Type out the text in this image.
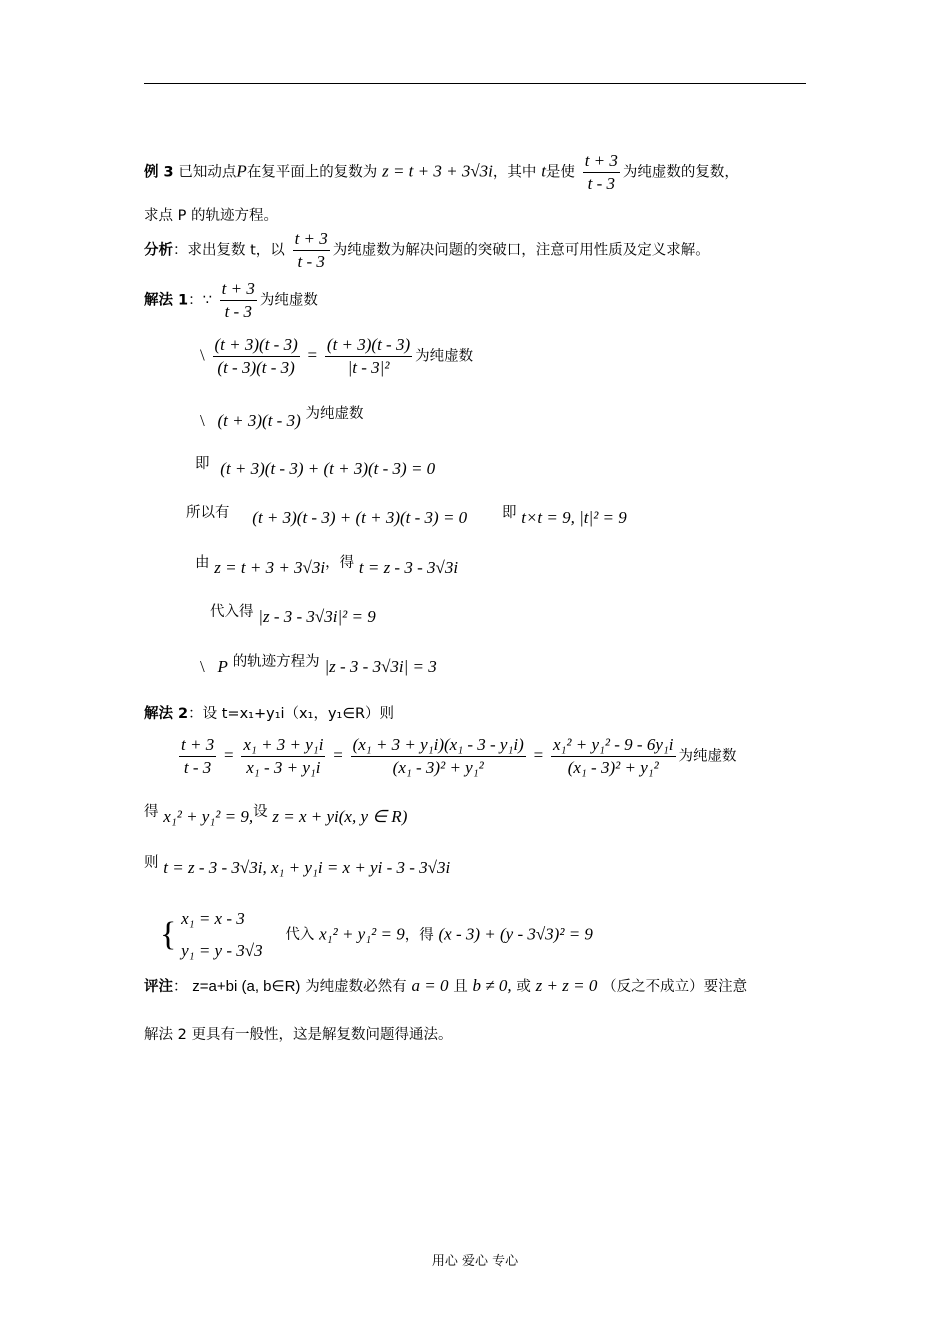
例 3 已知动点P在复平面上的复数为 z = t + 3 + 3√3i，其中 t是使 $\frac{t + 3}{t - 3}$ 为纯虚数的复数，
求点 P 的轨迹方程。
分析：求出复数 t，以 $\frac{t + 3}{t - 3}$ 为纯虚数为解决问题的突破口，注意可用性质及定义求解。
解法 1：∵ $\frac{t + 3}{t - 3}$ 为纯虚数
\ $\frac{(t + 3)(t - 3)}{(t - 3)(t - 3)} = \frac{(t + 3)(t - 3)}{\text{|t - 3|²}}$ 为纯虚数
\ (t + 3)(t - 3) 为纯虚数
即 (t + 3)(t - 3) + (t + 3)(t - 3) = 0
所以有 (t + 3)(t - 3) + (t + 3)(t - 3) = 0 即 t×t = 9, |t|² = 9
由 z = t + 3 + 3√3i，得 t = z - 3 - 3√3i
代入得 |z - 3 - 3√3i|² = 9
\ P 的轨迹方程为 |z - 3 - 3√3i| = 3
解法 2：设 t=x₁+y₁i（x₁，y₁∈R）则
$\frac{t + 3}{t - 3} = \frac{\text{x₁ + 3 + y₁i}}{\text{x₁ - 3 + y₁i}} = \frac{\text{(x₁ + 3 + y₁i)(x₁ - 3 - y₁i)}}{\text{(x₁ - 3)² + y₁²}} = \frac{\text{x₁² + y₁² - 9 - 6y₁i}}{\text{(x₁ - 3)² + y₁²}}$ 为纯虚数
得 x₁² + y₁² = 9,设 z = x + yi(x, y ∈ R)
则 t = z - 3 - 3√3i, x₁ + y₁i = x + yi - 3 - 3√3i
{ x₁ = x - 3
y₁ = y - 3√3
代入 x₁² + y₁² = 9，得 (x - 3) + (y - 3√3)² = 9
评注： z=a+bi (a, b∈R) 为纯虚数必然有 a = 0 且 b ≠ 0, 或 z + z = 0 （反之不成立）要注意
解法 2 更具有一般性，这是解复数问题得通法。
用心 爱心 专心
